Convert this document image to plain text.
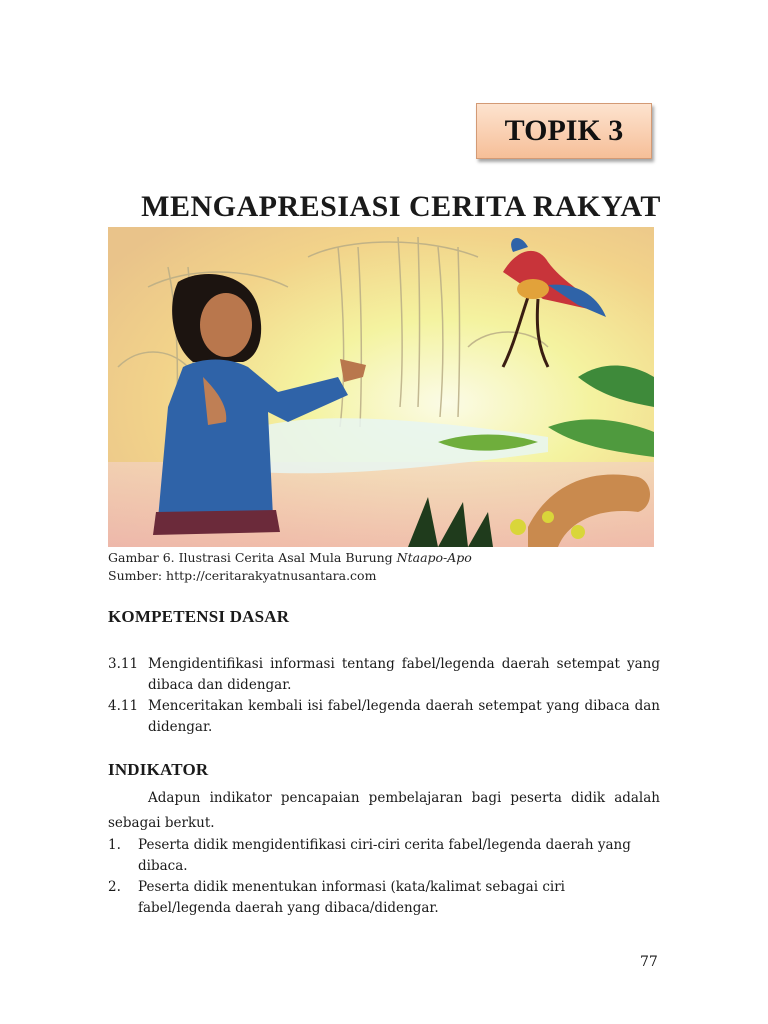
TOPIK 3
MENGAPRESIASI CERITA RAKYAT
Gambar 6. Ilustrasi Cerita Asal Mula Burung Ntaapo-Apo
Sumber: http://ceritarakyatnusantara.com
KOMPETENSI DASAR
3.11 Mengidentifikasi informasi tentang fabel/legenda daerah setempat yang dibaca dan didengar.
4.11 Menceritakan kembali isi fabel/legenda daerah setempat yang dibaca dan didengar.
INDIKATOR
Adapun indikator pencapaian pembelajaran bagi peserta didik adalah sebagai berkut.
1. Peserta didik mengidentifikasi ciri-ciri cerita fabel/legenda daerah yang dibaca.
2. Peserta didik menentukan informasi (kata/kalimat sebagai ciri fabel/legenda daerah yang dibaca/didengar.
77
